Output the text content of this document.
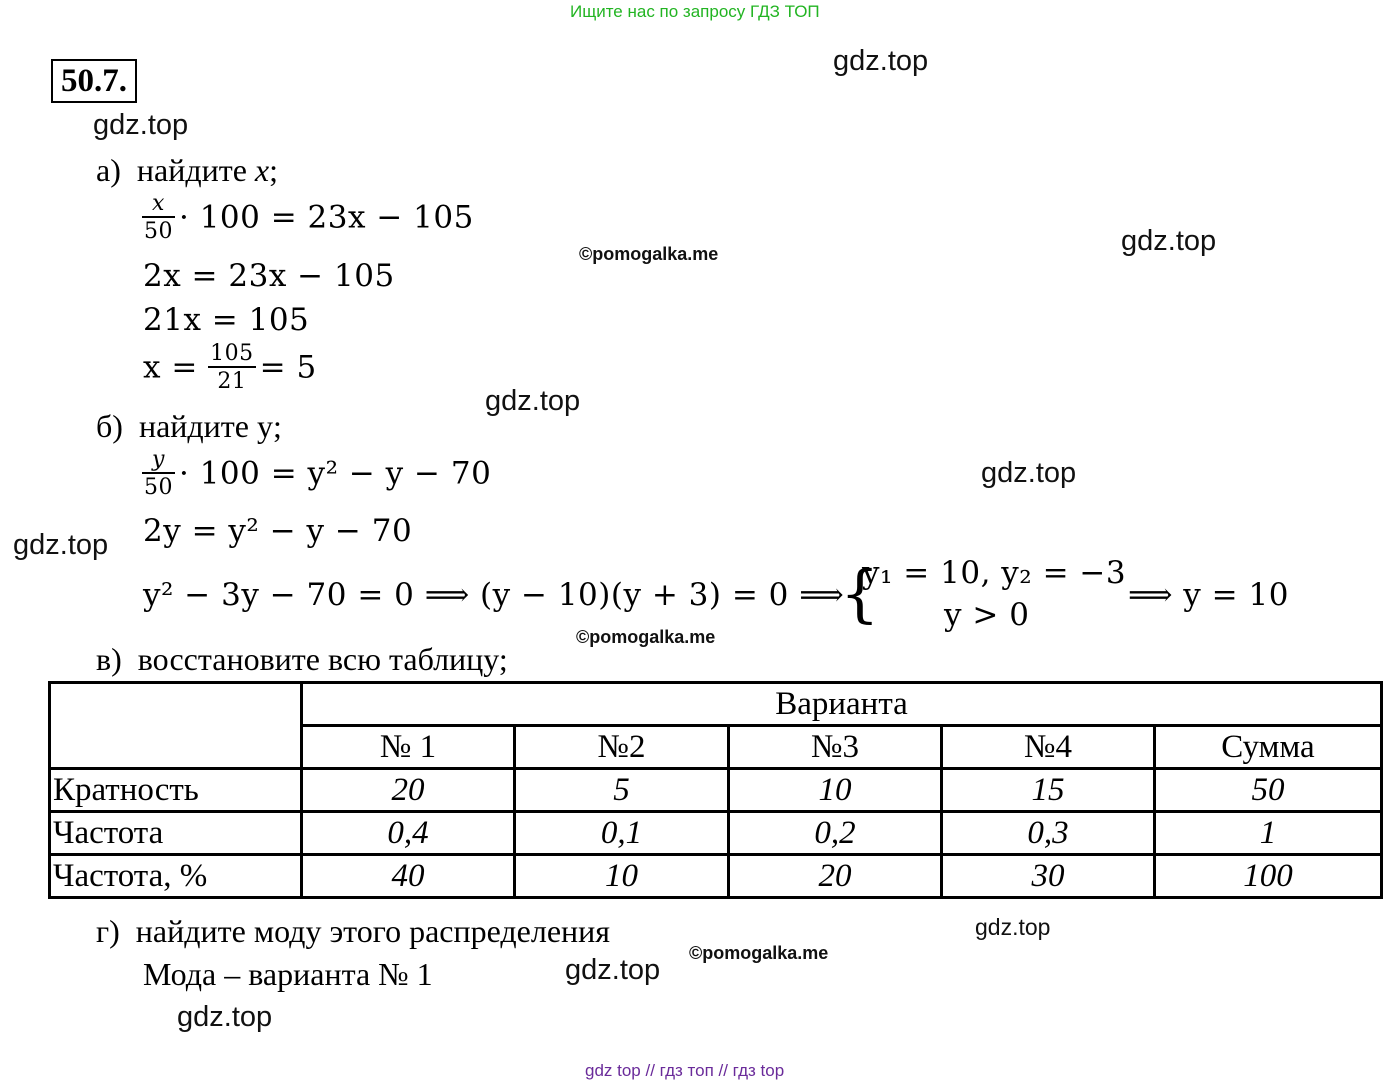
Ищите нас по запросу ГДЗ ТОП
50.7.
gdz.top
gdz.top
gdz.top
gdz.top
gdz.top
gdz.top
gdz.top
gdz.top
gdz.top
©pomogalka.me
©pomogalka.me
©pomogalka.me
а) найдите x;
$\frac{x}{50} \cdot 100 = 23x - 105$
2x = 23x − 105
21x = 105
$x = \frac{105}{21} = 5$
б) найдите y;
$\frac{y}{50} \cdot 100 = y^2 - y - 70$
2y = y² − y − 70
y² − 3y − 70 = 0 ⟹ (y − 10)(y + 3) = 0 ⟹
{
y₁ = 10, y₂ = −3
y > 0
⟹ y = 10
в) восстановите всю таблицу;
	Варианта				
	№ 1	№2	№3	№4	Сумма
Кратность	20	5	10	15	50
Частота	0,4	0,1	0,2	0,3	1
Частота, %	40	10	20	30	100
г) найдите моду этого распределения
Мода – варианта № 1
gdz top // гдз топ // гдз top
